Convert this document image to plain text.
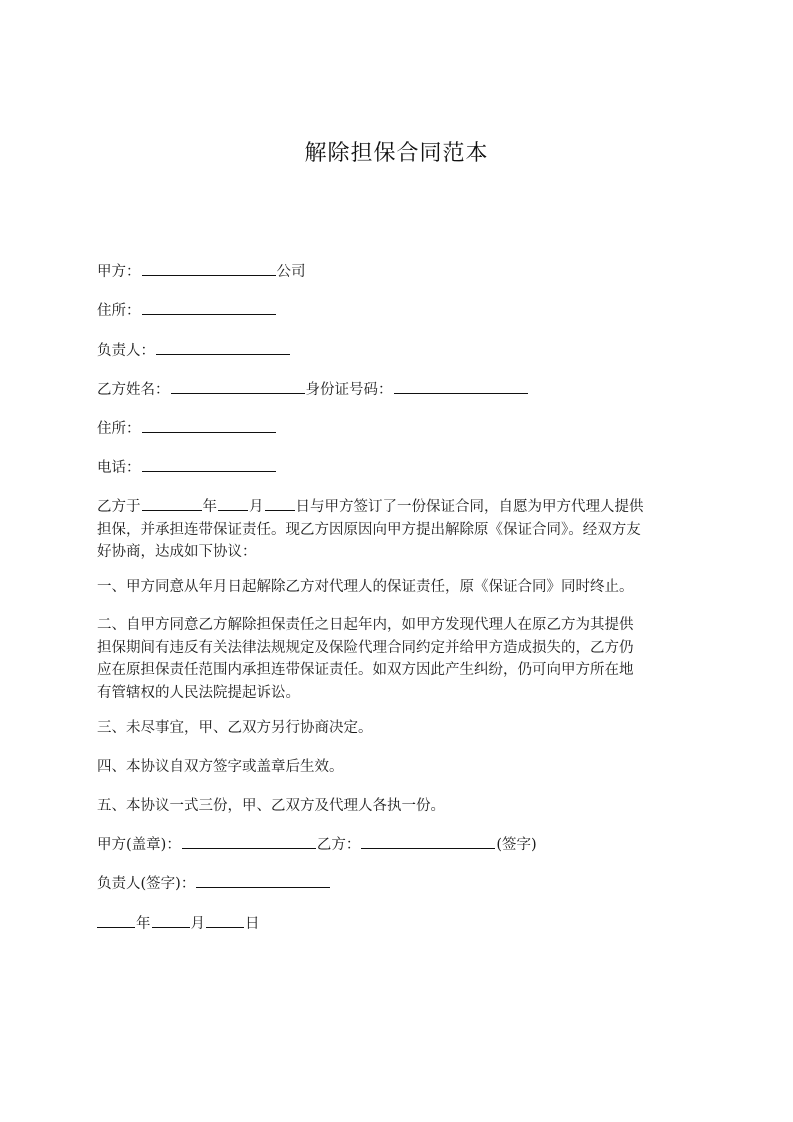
解除担保合同范本
甲方：	公司
住所：
负责人：
乙方姓名：	身份证号码：
住所：
电话：
乙方于	年 月 日与甲方签订了一份保证合同，自愿为甲方代理人提供
担保，并承担连带保证责任。现乙方因原因向甲方提出解除原《保证合同》。经双方友
好协商，达成如下协议：
一、甲方同意从年月日起解除乙方对代理人的保证责任，原《保证合同》同时终止。
二、自甲方同意乙方解除担保责任之日起年内，如甲方发现代理人在原乙方为其提供
担保期间有违反有关法律法规规定及保险代理合同约定并给甲方造成损失的，乙方仍
应在原担保责任范围内承担连带保证责任。如双方因此产生纠纷，仍可向甲方所在地
有管辖权的人民法院提起诉讼。
三、未尽事宜，甲、乙双方另行协商决定。
四、本协议自双方签字或盖章后生效。
五、本协议一式三份，甲、乙双方及代理人各执一份。
甲方(盖章)：	乙方：	(签字)
负责人(签字)：
年	月	日
